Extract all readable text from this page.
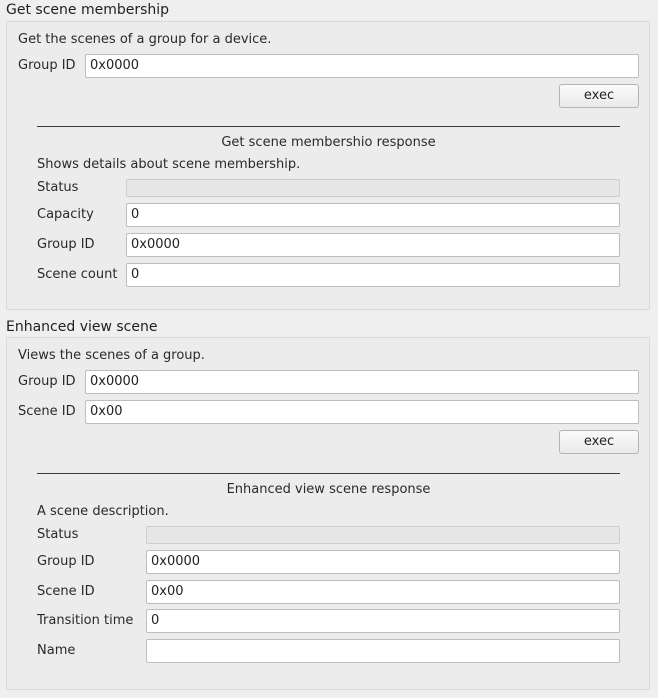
Get scene membership
Get the scenes of a group for a device.
Group ID	0x0000
exec
Get scene membershio response
Shows details about scene membership.
Status
Capacity	0
Group ID	0x0000
Scene count	0
Enhanced view scene
Views the scenes of a group.
Group ID	0x0000
Scene ID	0x00
exec
Enhanced view scene response
A scene description.
Status
Group ID	0x0000
Scene ID	0x00
Transition time	0
Name
